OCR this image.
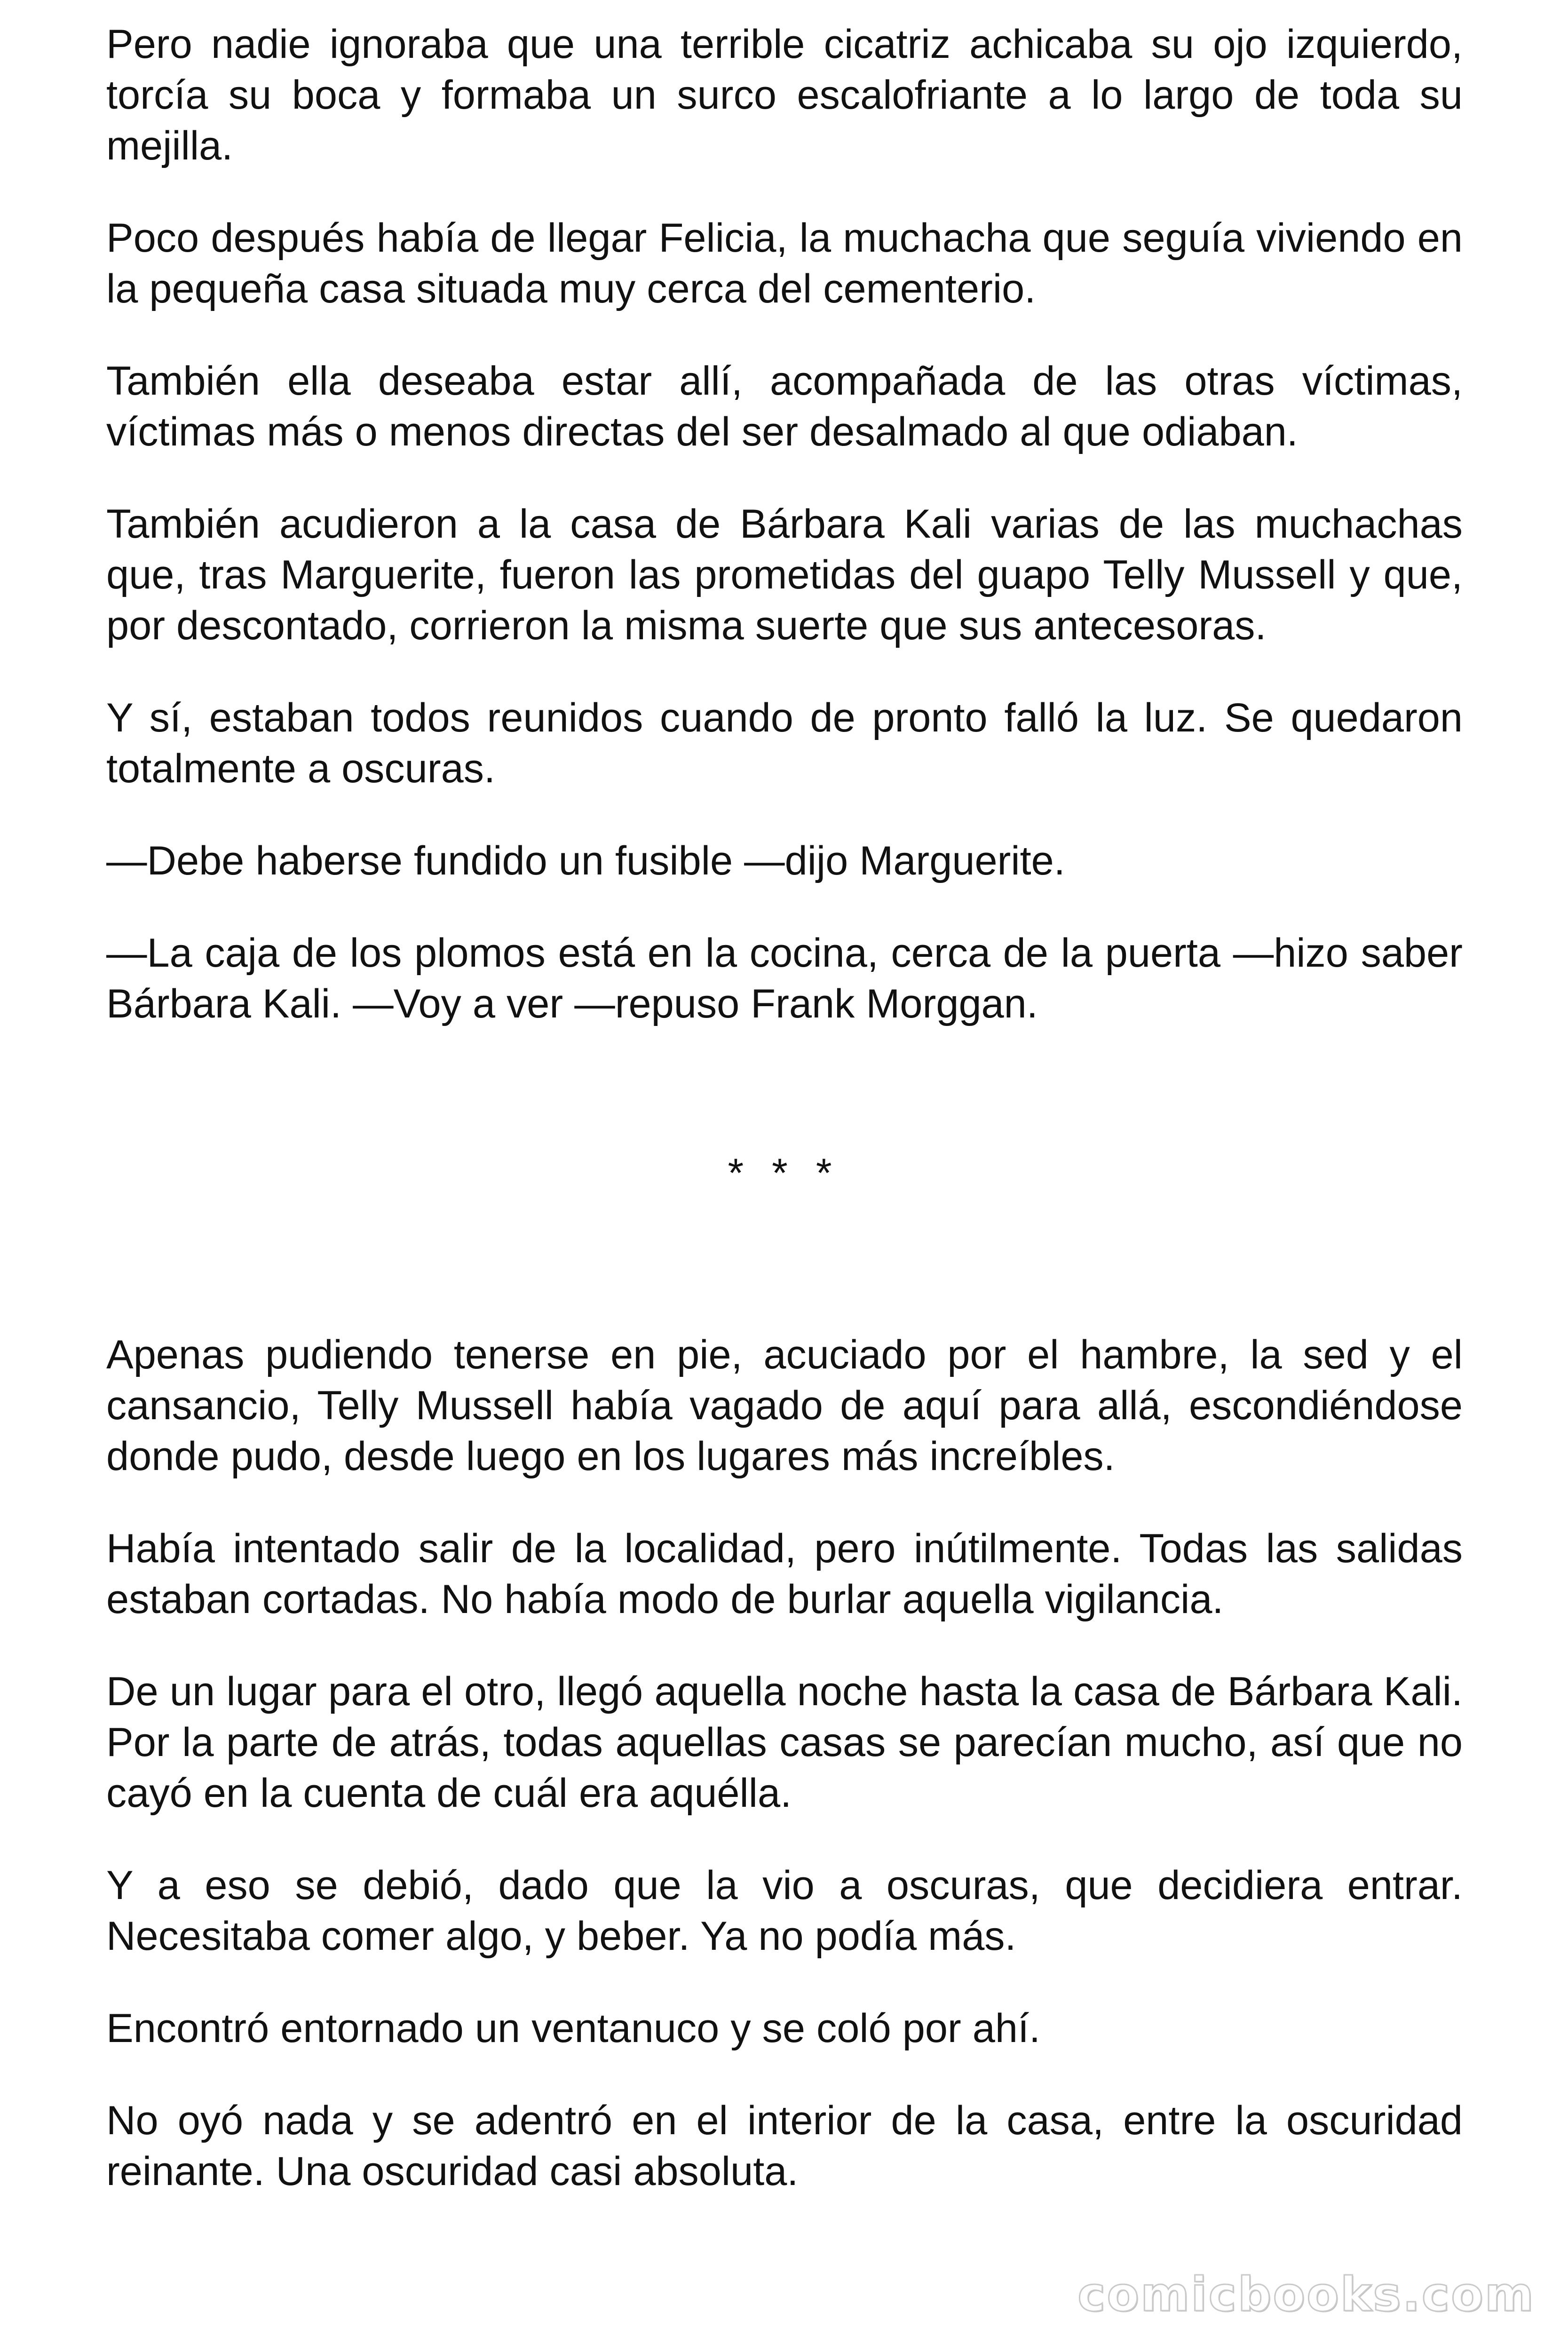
Pero nadie ignoraba que una terrible cicatriz achicaba su ojo izquierdo, torcía su boca y formaba un surco escalofriante a lo largo de toda su mejilla.

Poco después había de llegar Felicia, la muchacha que seguía viviendo en la pequeña casa situada muy cerca del cementerio.

También ella deseaba estar allí, acompañada de las otras víctimas, víctimas más o menos directas del ser desalmado al que odiaban.

También acudieron a la casa de Bárbara Kali varias de las muchachas que, tras Marguerite, fueron las prometidas del guapo Telly Mussell y que, por descontado, corrieron la misma suerte que sus antecesoras.

Y sí, estaban todos reunidos cuando de pronto falló la luz. Se quedaron totalmente a oscuras.

—Debe haberse fundido un fusible —dijo Marguerite.

—La caja de los plomos está en la cocina, cerca de la puerta —hizo saber Bárbara Kali. —Voy a ver —repuso Frank Morggan.

* * *

Apenas pudiendo tenerse en pie, acuciado por el hambre, la sed y el cansancio, Telly Mussell había vagado de aquí para allá, escondiéndose donde pudo, desde luego en los lugares más increíbles.

Había intentado salir de la localidad, pero inútilmente. Todas las salidas estaban cortadas. No había modo de burlar aquella vigilancia.

De un lugar para el otro, llegó aquella noche hasta la casa de Bárbara Kali. Por la parte de atrás, todas aquellas casas se parecían mucho, así que no cayó en la cuenta de cuál era aquélla.

Y a eso se debió, dado que la vio a oscuras, que decidiera entrar. Necesitaba comer algo, y beber. Ya no podía más.

Encontró entornado un ventanuco y se coló por ahí.

No oyó nada y se adentró en el interior de la casa, entre la oscuridad reinante. Una oscuridad casi absoluta.

comicbooks.com
